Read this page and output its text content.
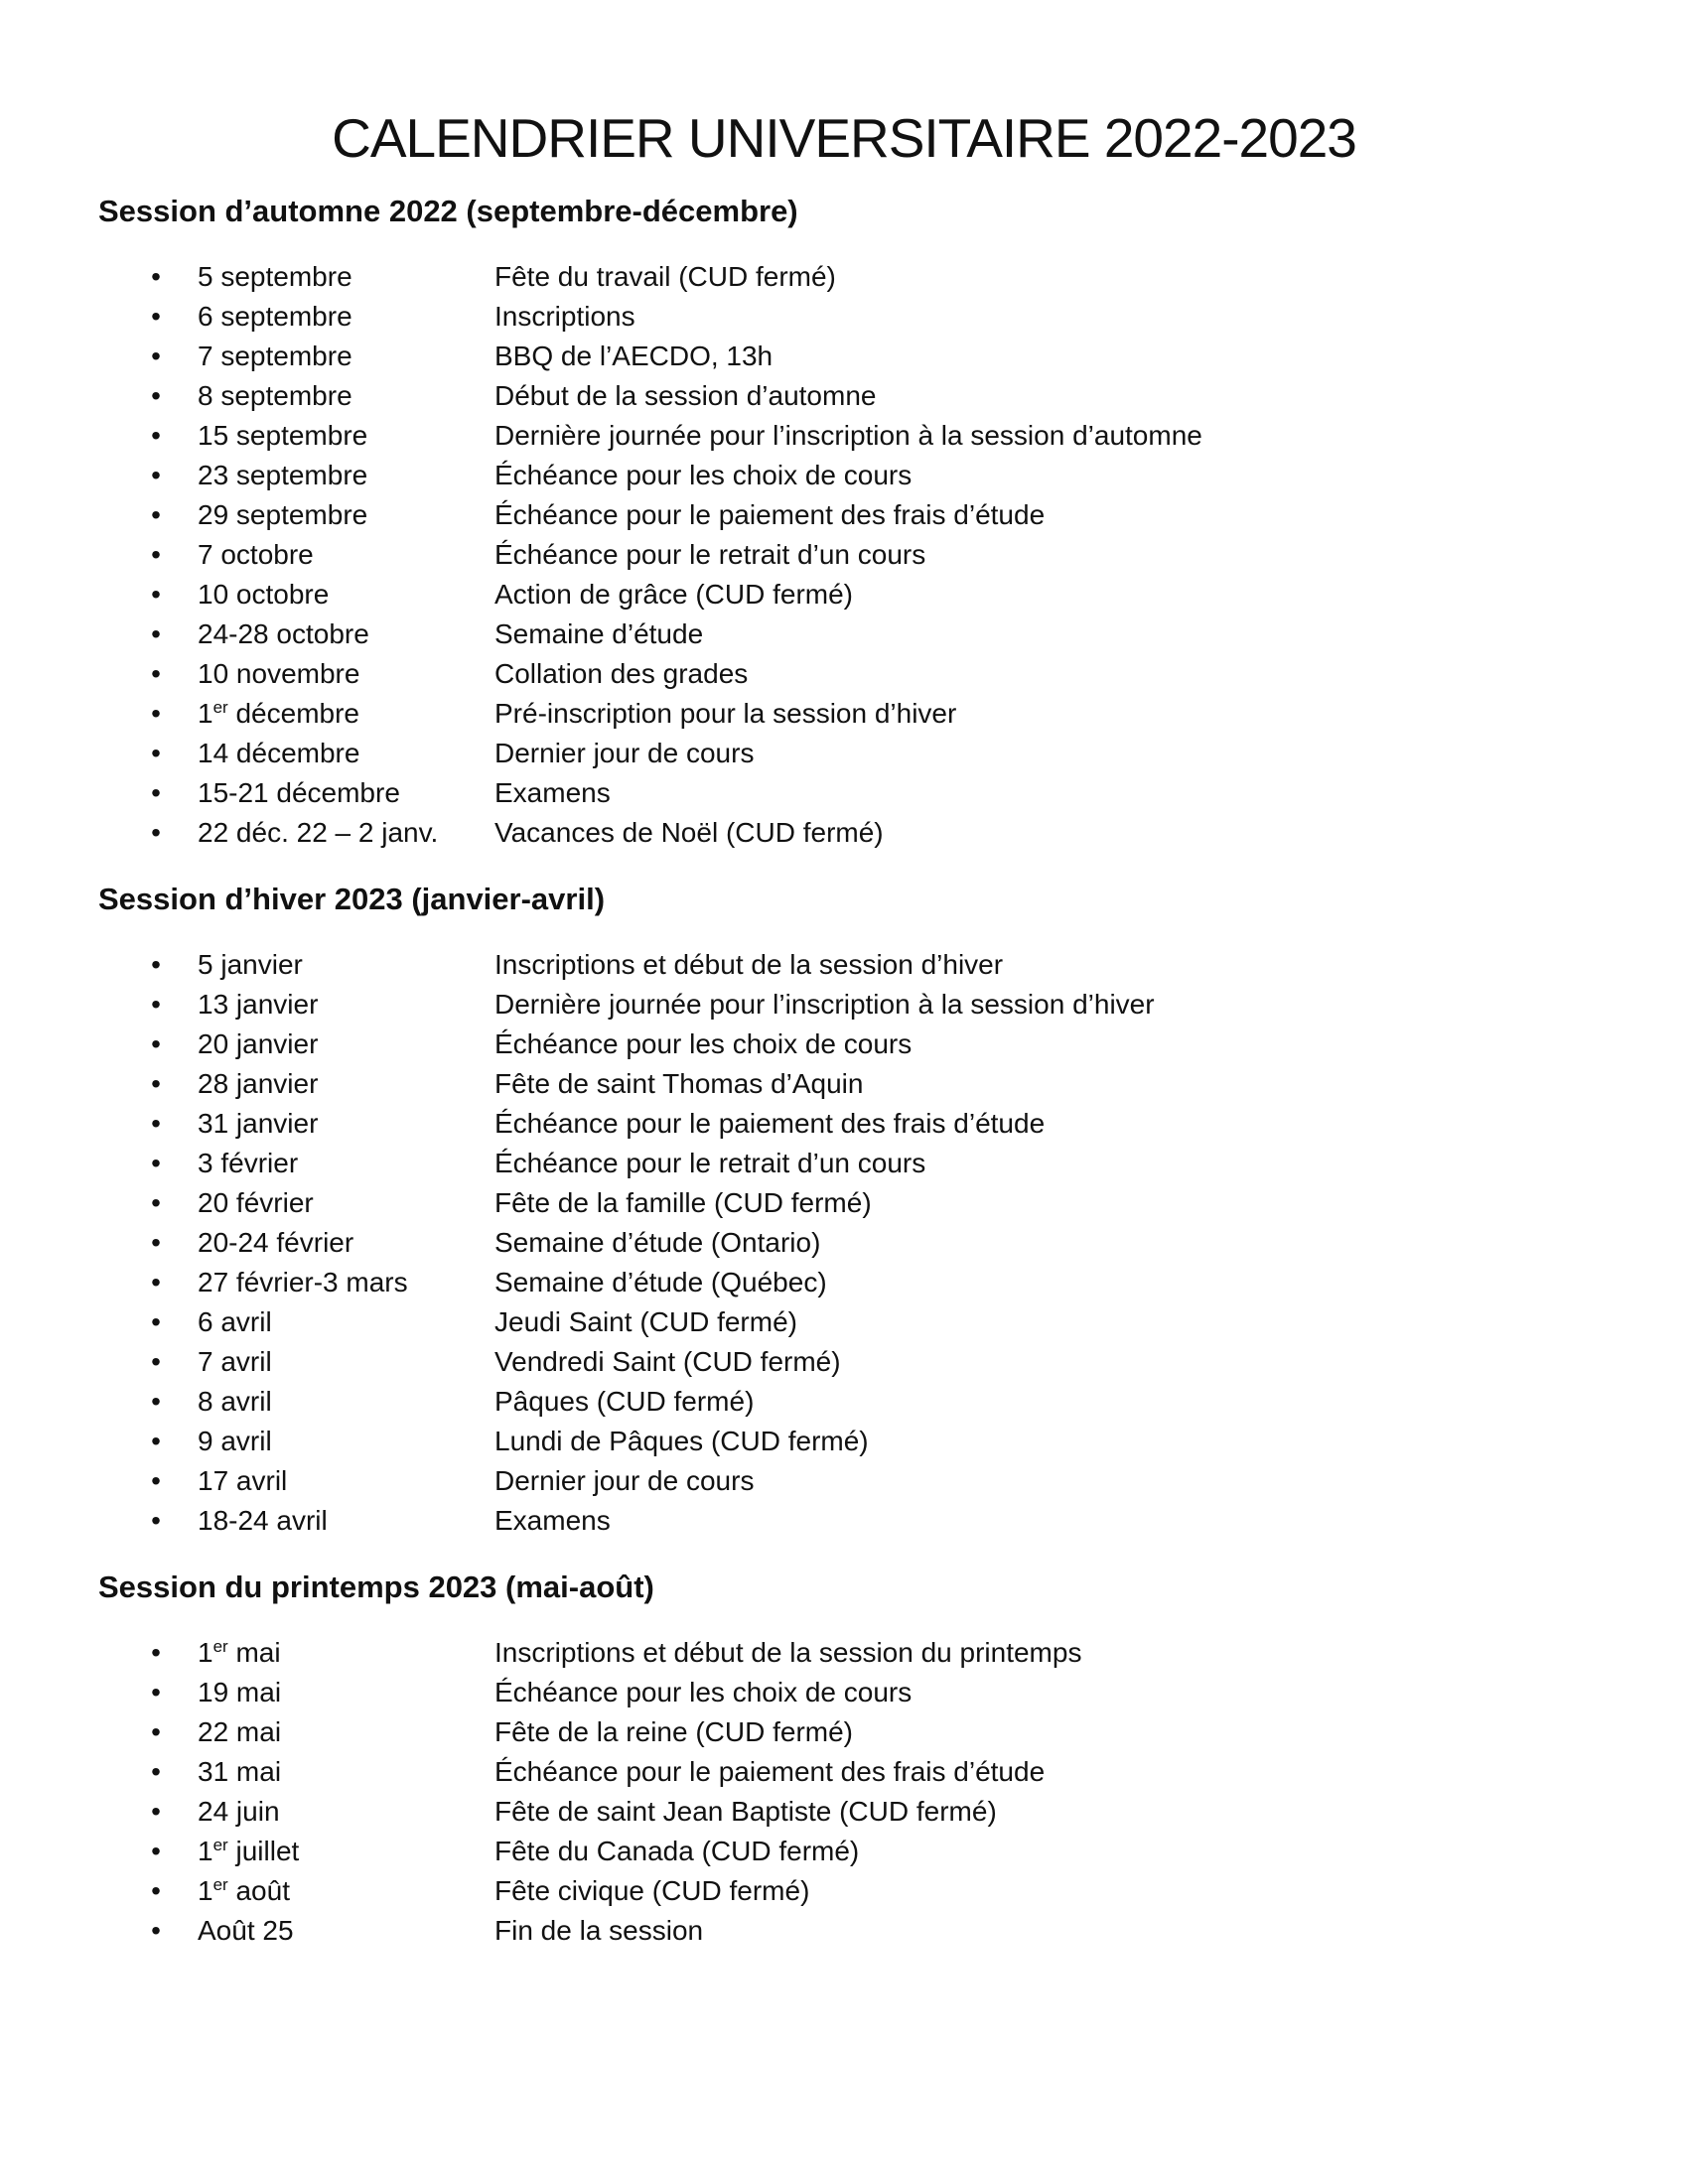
CALENDRIER UNIVERSITAIRE 2022-2023
Session d’automne 2022 (septembre-décembre)
• 5 septembre	Fête du travail (CUD fermé)
• 6 septembre	Inscriptions
• 7 septembre	BBQ de l’AECDO, 13h
• 8 septembre	Début de la session d’automne
• 15 septembre	Dernière journée pour l’inscription à la session d’automne
• 23 septembre	Échéance pour les choix de cours
• 29 septembre	Échéance pour le paiement des frais d’étude
• 7 octobre	Échéance pour le retrait d’un cours
• 10 octobre	Action de grâce (CUD fermé)
• 24-28 octobre	Semaine d’étude
• 10 novembre	Collation des grades
• 1er décembre	Pré-inscription pour la session d’hiver
• 14 décembre	Dernier jour de cours
• 15-21 décembre	Examens
• 22 déc. 22 – 2 janv. Vacances de Noël (CUD fermé)
Session d’hiver 2023 (janvier-avril)
• 5 janvier	Inscriptions et début de la session d’hiver
• 13 janvier	Dernière journée pour l’inscription à la session d’hiver
• 20 janvier	Échéance pour les choix de cours
• 28 janvier	Fête de saint Thomas d’Aquin
• 31 janvier	Échéance pour le paiement des frais d’étude
• 3 février	Échéance pour le retrait d’un cours
• 20 février	Fête de la famille (CUD fermé)
• 20-24 février	Semaine d’étude (Ontario)
• 27 février-3 mars	Semaine d’étude (Québec)
• 6 avril	Jeudi Saint (CUD fermé)
• 7 avril	Vendredi Saint (CUD fermé)
• 8 avril	Pâques (CUD fermé)
• 9 avril	Lundi de Pâques (CUD fermé)
• 17 avril	Dernier jour de cours
• 18-24 avril	Examens
Session du printemps 2023 (mai-août)
• 1er mai	Inscriptions et début de la session du printemps
• 19 mai	Échéance pour les choix de cours
• 22 mai	Fête de la reine (CUD fermé)
• 31 mai	Échéance pour le paiement des frais d’étude
• 24 juin	Fête de saint Jean Baptiste (CUD fermé)
• 1er juillet	Fête du Canada (CUD fermé)
• 1er août	Fête civique (CUD fermé)
• Août 25	Fin de la session
